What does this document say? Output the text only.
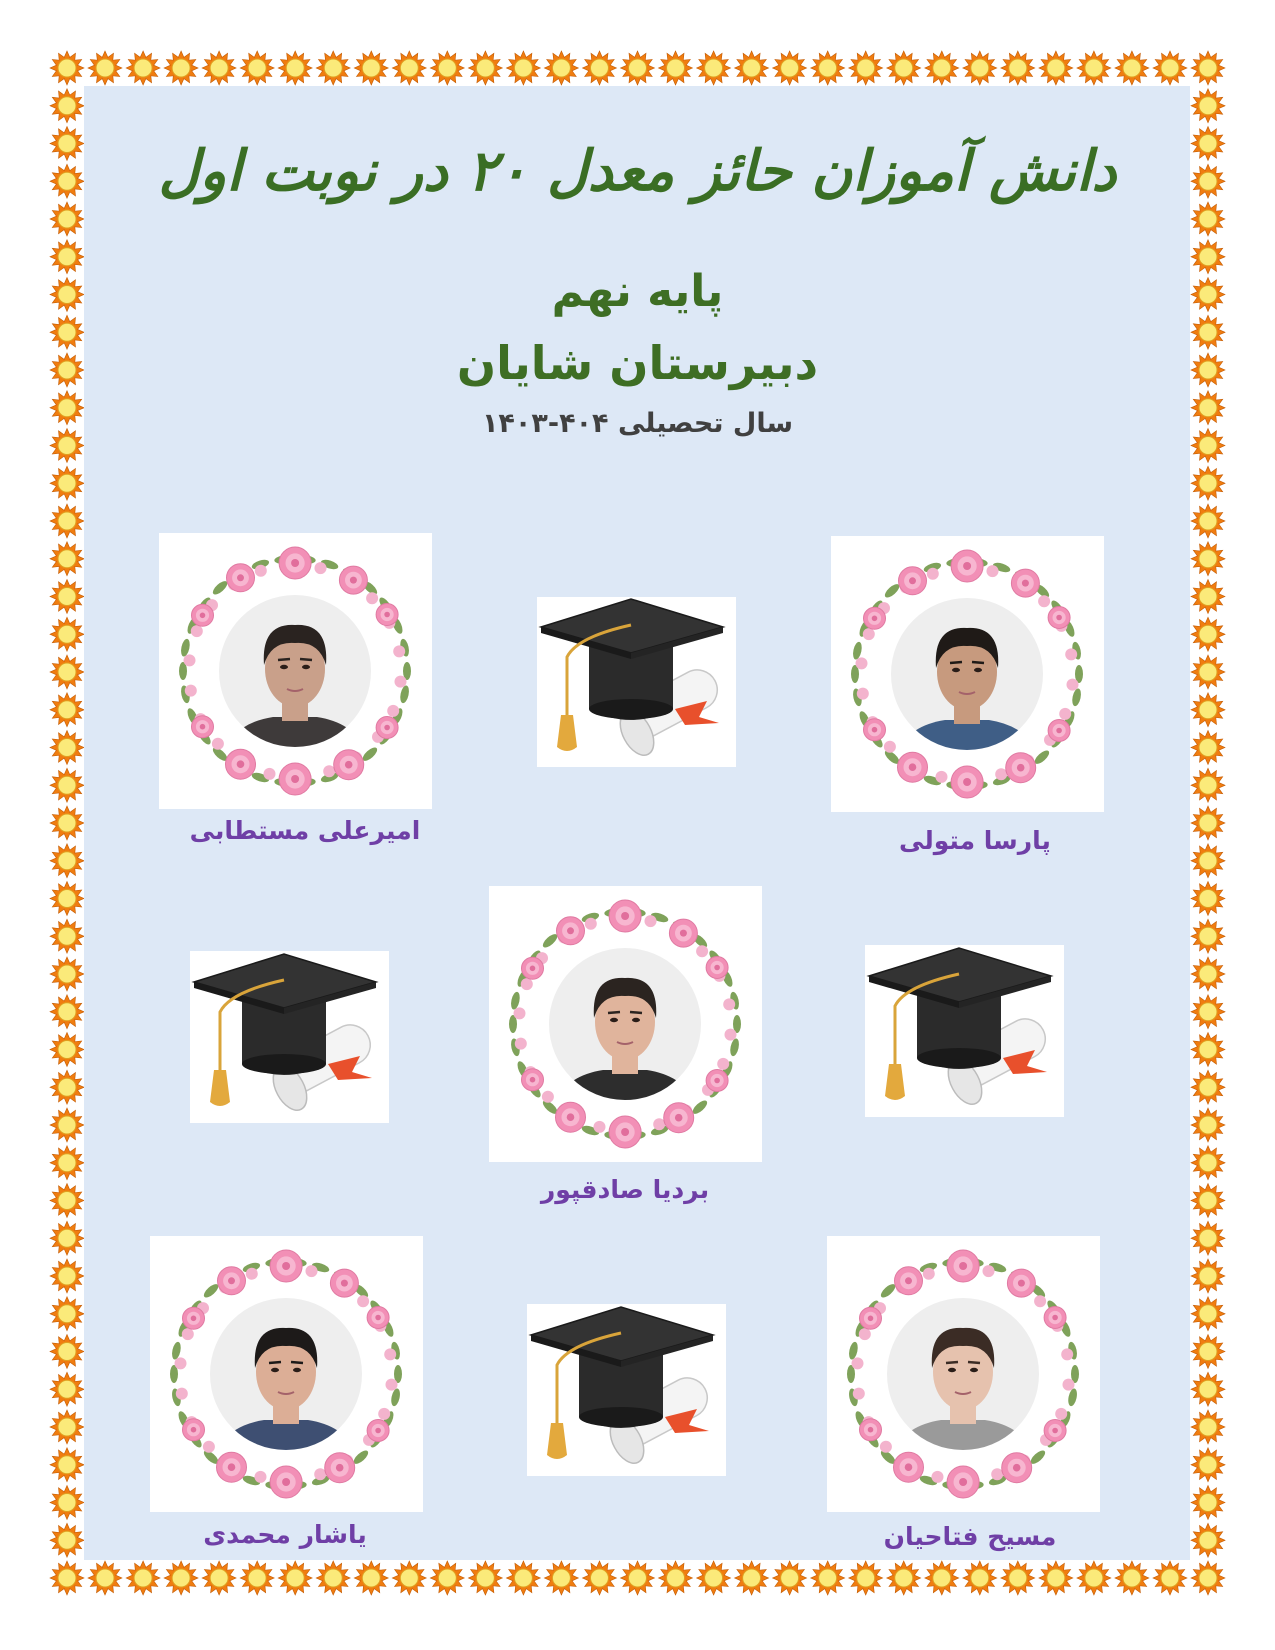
دانش آموزان حائز معدل ۲۰ در نوبت اول
پایه نهم
دبیرستان شایان
سال تحصیلی ۴۰۴-۱۴۰۳
پارسا متولی
امیرعلی مستطابی
بردیا صادقپور
مسیح فتاحیان
یاشار محمدی
